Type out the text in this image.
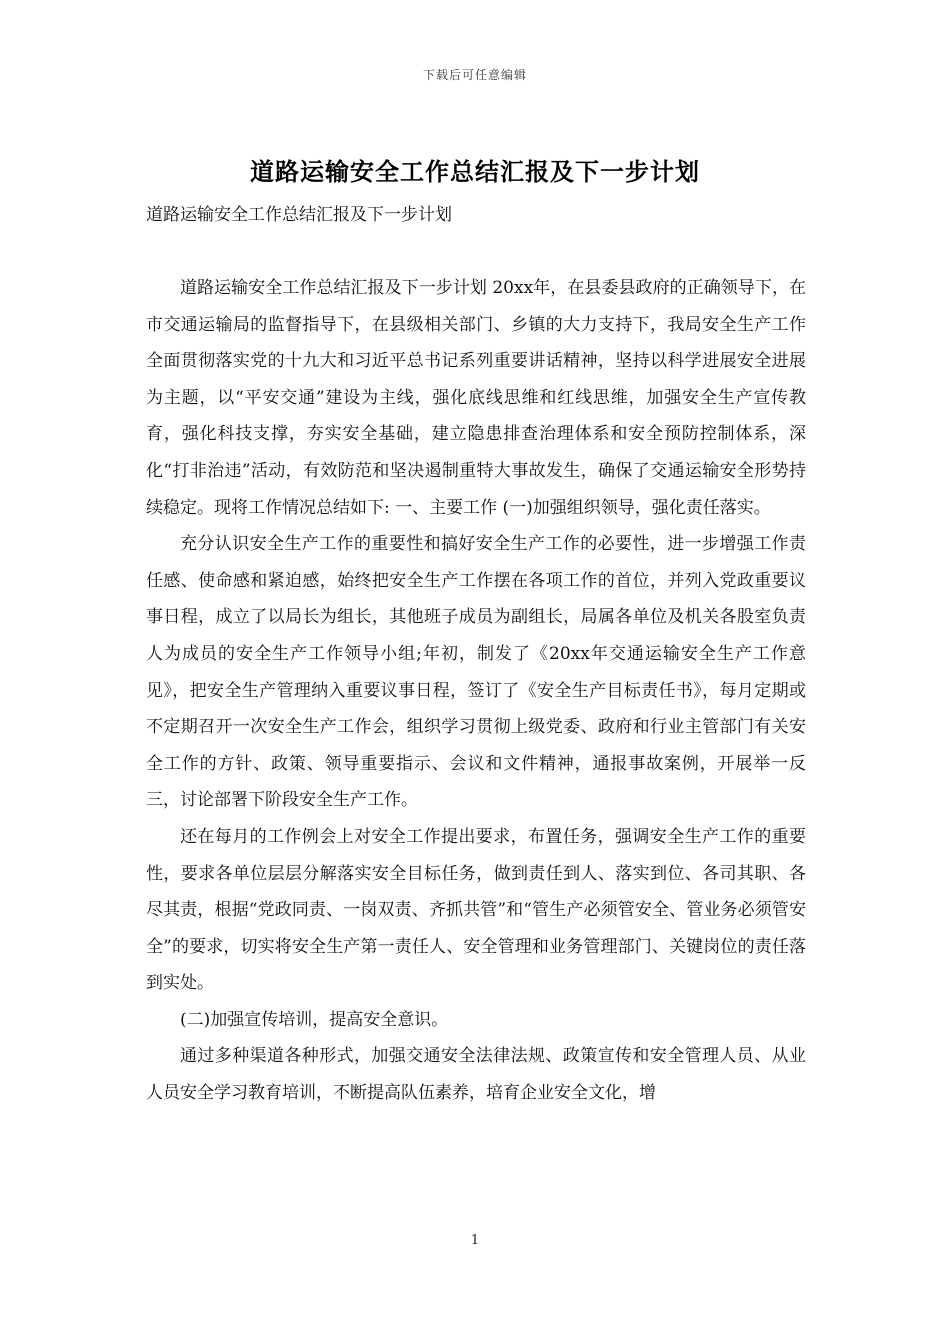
下载后可任意编辑
道路运输安全工作总结汇报及下一步计划

道路运输安全工作总结汇报及下一步计划

道路运输安全工作总结汇报及下一步计划 20xx年，在县委县政府的正确领导下，在市交通运输局的监督指导下，在县级相关部门、乡镇的大力支持下，我局安全生产工作全面贯彻落实党的十九大和习近平总书记系列重要讲话精神，坚持以科学进展安全进展为主题，以“平安交通”建设为主线，强化底线思维和红线思维，加强安全生产宣传教育，强化科技支撑，夯实安全基础，建立隐患排查治理体系和安全预防控制体系，深化“打非治违”活动，有效防范和坚决遏制重特大事故发生，确保了交通运输安全形势持续稳定。现将工作情况总结如下: 一、主要工作 (一)加强组织领导，强化责任落实。

充分认识安全生产工作的重要性和搞好安全生产工作的必要性，进一步增强工作责任感、使命感和紧迫感，始终把安全生产工作摆在各项工作的首位，并列入党政重要议事日程，成立了以局长为组长，其他班子成员为副组长，局属各单位及机关各股室负责人为成员的安全生产工作领导小组;年初，制发了《20xx年交通运输安全生产工作意见》，把安全生产管理纳入重要议事日程，签订了《安全生产目标责任书》，每月定期或不定期召开一次安全生产工作会，组织学习贯彻上级党委、政府和行业主管部门有关安全工作的方针、政策、领导重要指示、会议和文件精神，通报事故案例，开展举一反三，讨论部署下阶段安全生产工作。

还在每月的工作例会上对安全工作提出要求，布置任务，强调安全生产工作的重要性，要求各单位层层分解落实安全目标任务，做到责任到人、落实到位、各司其职、各尽其责，根据“党政同责、一岗双责、齐抓共管”和“管生产必须管安全、管业务必须管安全”的要求，切实将安全生产第一责任人、安全管理和业务管理部门、关键岗位的责任落到实处。

(二)加强宣传培训，提高安全意识。

通过多种渠道各种形式，加强交通安全法律法规、政策宣传和安全管理人员、从业人员安全学习教育培训，不断提高队伍素养，培育企业安全文化，增

1
